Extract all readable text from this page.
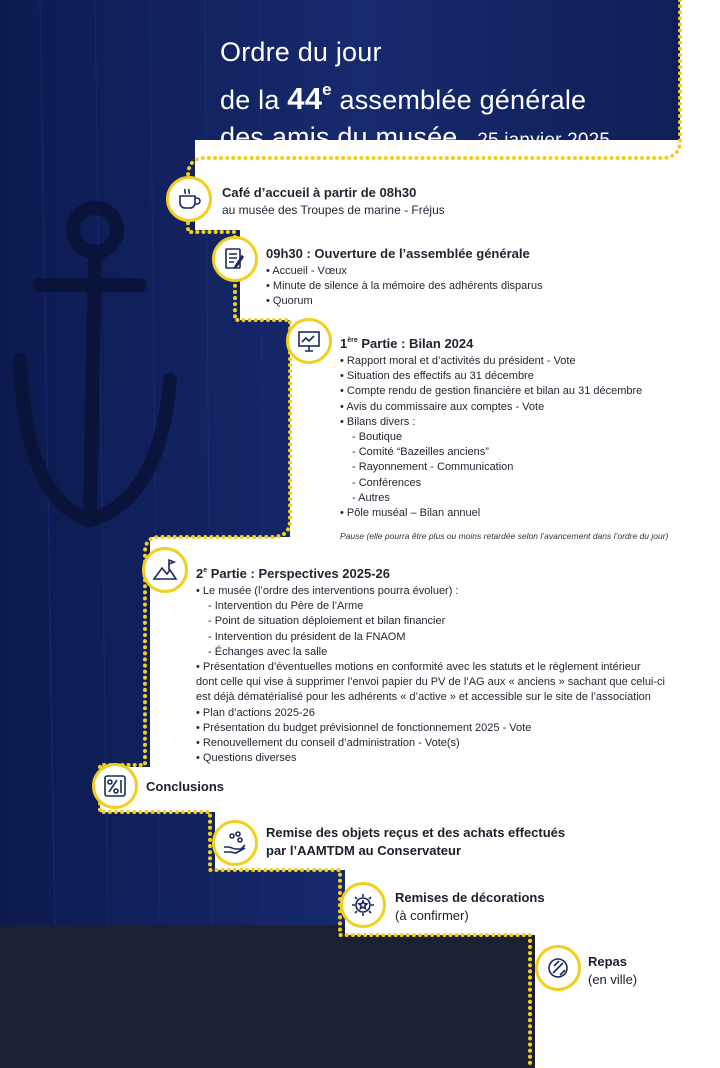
Ordre du jour
de la 44e assemblée générale
des amis du musée - 25 janvier 2025
Café d’accueil à partir de 08h30
au musée des Troupes de marine - Fréjus
09h30 : Ouverture de l’assemblée générale
• Accueil - Vœux
• Minute de silence à la mémoire des adhérents disparus
• Quorum
1ère Partie : Bilan 2024
• Rapport moral et d’activités du président - Vote
• Situation des effectifs au 31 décembre
• Compte rendu de gestion financière et bilan au 31 décembre
• Avis du commissaire aux comptes - Vote
• Bilans divers :
- Boutique
- Comité “Bazeilles anciens”
- Rayonnement - Communication
- Conférences
- Autres
• Pôle muséal – Bilan annuel
Pause (elle pourra être plus ou moins retardée selon l’avancement dans l’ordre du jour)
2e Partie : Perspectives 2025-26
• Le musée (l’ordre des interventions pourra évoluer) :
- Intervention du Père de l’Arme
- Point de situation déploiement et bilan financier
- Intervention du président de la FNAOM
- Échanges avec la salle
• Présentation d’éventuelles motions en conformité avec les statuts et le règlement intérieur
dont celle qui vise à supprimer l’envoi papier du PV de l’AG aux « anciens » sachant que celui-ci
est déjà dématérialisé pour les adhérents « d’active » et accessible sur le site de l’association
• Plan d’actions 2025-26
• Présentation du budget prévisionnel de fonctionnement 2025 - Vote
• Renouvellement du conseil d’administration - Vote(s)
• Questions diverses
Conclusions
Remise des objets reçus et des achats effectués
par l’AAMTDM au Conservateur
Remises de décorations
(à confirmer)
Repas
(en ville)
